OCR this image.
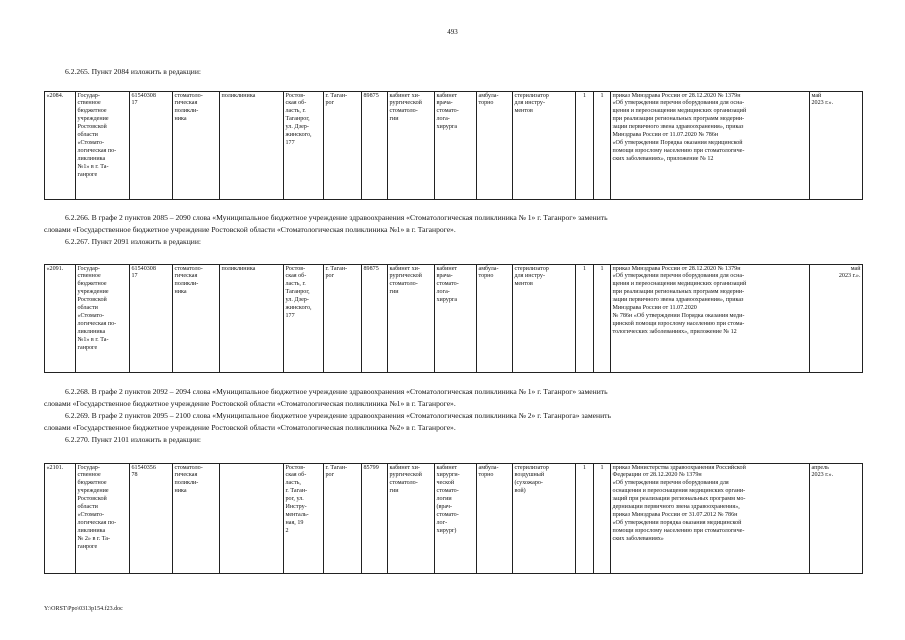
493
6.2.265. Пункт 2084 изложить в редакции:
«2084.	Государ-
ственное
бюджетное
учреждение
Ростовской
области
«Стомато-
логическая по-
ликлиника
№1» в г. Та-
ганроге	61540308
17	стоматоло-
гическая
поликли-
ника	поликлиника	Ростов-
ская об-
ласть, г.
Таганрог,
ул. Дзер-
жинского,
177	г. Таган-
рог	89875	кабинет хи-
рургической
стоматоло-
гии	кабинет
врача-
стомато-
лога-
хирурга	амбула-
торно	стерилизатор
для инстру-
ментов	1	1	приказ Минздрава России от 28.12.2020 № 1379н
«Об утверждении перечня оборудования для осна-
щения и переоснащения медицинских организаций
при реализации региональных программ модерни-
зации первичного звена здравоохранения», приказ
Минздрава России от 11.07.2020 № 786н
«Об утверждении Порядка оказания медицинской
помощи взрослому населению при стоматологиче-
ских заболеваниях», приложение № 12	май
2023 г.».
6.2.266. В графе 2 пунктов 2085 – 2090 слова «Муниципальное бюджетное учреждение здравоохранения «Стоматологическая поликлиника № 1» г. Таганрог» заменить
словами «Государственное бюджетное учреждение Ростовской области «Стоматологическая поликлиника №1» в г. Таганроге».
6.2.267. Пункт 2091 изложить в редакции:
«2091.	Государ-
ственное
бюджетное
учреждение
Ростовской
области
«Стомато-
логическая по-
ликлиника
№1» в г. Та-
ганроге	61540308
17	стоматоло-
гическая
поликли-
ника	поликлиника	Ростов-
ская об-
ласть, г.
Таганрог,
ул. Дзер-
жинского,
177	г. Таган-
рог	89875	кабинет хи-
рургической
стоматоло-
гии	кабинет
врача-
стомато-
лога-
хирурга	амбула-
торно	стерилизатор
для инстру-
ментов	1	1	приказ Минздрава России от 28.12.2020 № 1379н
«Об утверждении перечня оборудования для осна-
щения и переоснащения медицинских организаций
при реализации региональных программ модерни-
зации первичного звена здравоохранения», приказ
Минздрава России от 11.07.2020
№ 786н «Об утверждении Порядка оказания меди-
цинской помощи взрослому населению при стома-
тологических заболеваниях», приложение № 12	май
2023 г.».
6.2.268. В графе 2 пунктов 2092 – 2094 слова «Муниципальное бюджетное учреждение здравоохранения «Стоматологическая поликлиника № 1» г. Таганрог» заменить
словами «Государственное бюджетное учреждение Ростовской области «Стоматологическая поликлиника №1» в г. Таганроге».
6.2.269. В графе 2 пунктов 2095 – 2100 слова «Муниципальное бюджетное учреждение здравоохранения «Стоматологическая поликлиника № 2» г. Таганрога» заменить
словами «Государственное бюджетное учреждение Ростовской области «Стоматологическая поликлиника №2» в г. Таганроге».
6.2.270. Пункт 2101 изложить в редакции:
«2101.	Государ-
ственное
бюджетное
учреждение
Ростовской
области
«Стомато-
логическая по-
ликлиника
№ 2» в г. Та-
ганроге	61540356
78	стоматоло-
гическая
поликли-
ника		Ростов-
ская об-
ласть,
г. Таган-
рог, ул.
Инстру-
менталь-
ная, 19
2	г. Таган-
рог	85799	кабинет хи-
рургической
стоматоло-
гии	кабинет
хирурги-
ческой
стомато-
логии
(врач-
стомато-
лог-
хирург)	амбула-
торно	стерилизатор
воздушный
(сухожаро-
вой)	1	1	приказ Министерства здравоохранения Российской
Федерации от 28.12.2020 № 1379н
«Об утверждении перечня оборудования для
оснащения и переоснащения медицинских органи-
заций при реализации региональных программ мо-
дернизации первичного звена здравоохранения»,
приказ Минздрава России от 31.07.2012 № 786н
«Об утверждении порядка оказания медицинской
помощи взрослому населению при стоматологиче-
ских заболеваниях»	апрель
2023 г.».
Y:\ORST\Ppo\0313p154.f23.doc
